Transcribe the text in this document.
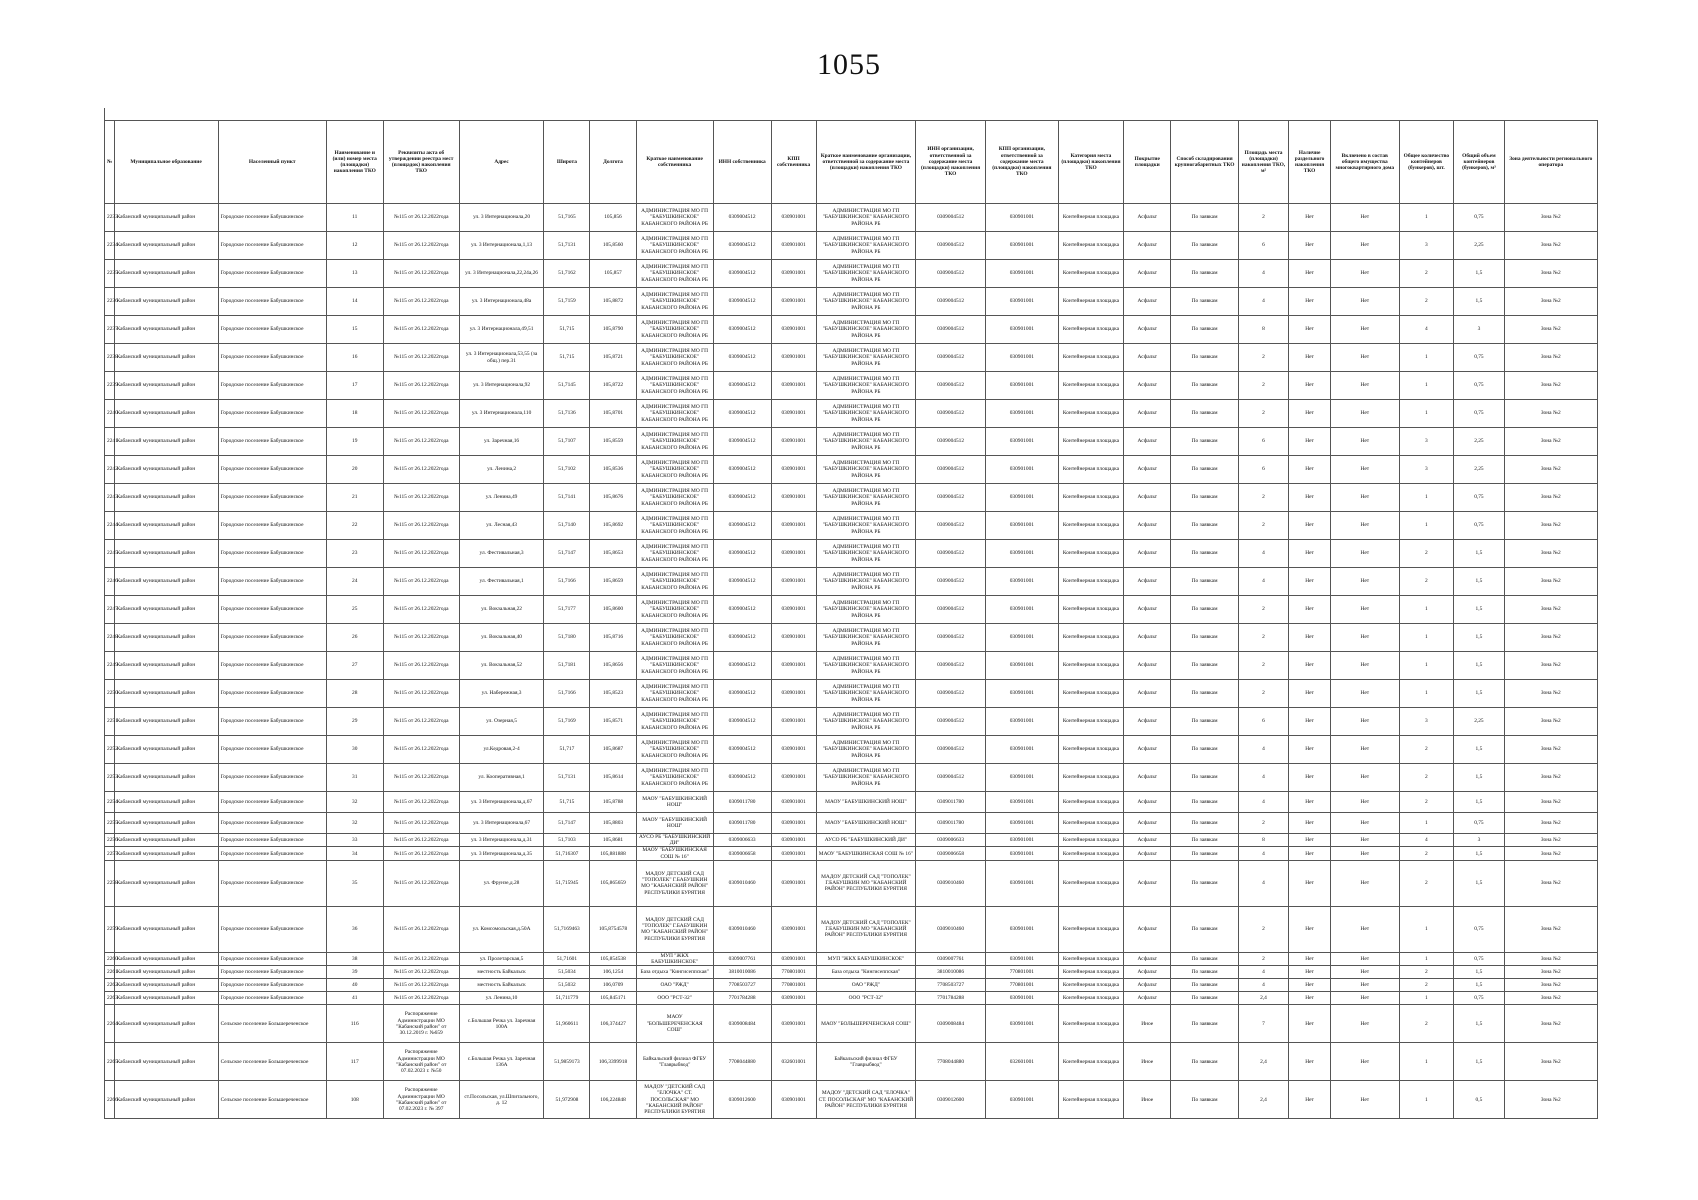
1055
№	Муниципальное образование	Населенный пункт	Наименование и (или) номер места (площадки) накопления ТКО	Реквизиты акта об утверждении реестра мест (площадок) накопления ТКО	Адрес	Широта	Долгота	Краткое наименование собственника	ИНН собственника	КПП собственника	Краткое наименование организации, ответственной за содержание места (площадки) накопления ТКО	ИНН организации, ответственной за содержание места (площадки) накопления ТКО	КПП организации, ответственной за содержание места (площадки) накопления ТКО	Категория места (площадки) накопления ТКО	Покрытие площадки	Способ складирования крупногабаритных ТКО	Площадь места (площадки) накопления ТКО, м²	Наличие раздельного накопления ТКО	Включено в состав общего имущества многоквартирного дома	Общее количество контейнеров (бункеров), шт.	Общий объем контейнеров (бункеров), м³	Зона деятельности регионального оператора
2233	Кабанский муниципальный район	Городское поселение Бабушкинское	11	№115 от 26.12.2022года	ул. 3 Интернационала,20	51,7165	105,856	АДМИНИСТРАЦИЯ МО ГП "БАБУШКИНСКОЕ" КАБАНСКОГО РАЙОНА РБ	0309004512	030901001	АДМИНИСТРАЦИЯ МО ГП "БАБУШКИНСКОЕ" КАБАНСКОГО РАЙОНА РБ	0309004512	030901001	Контейнерная площадка	Асфальт	По заявкам	2	Нет	Нет	1	0,75	Зона №2
2234	Кабанский муниципальный район	Городское поселение Бабушкинское	12	№115 от 26.12.2022года	ул. 3 Интернационала,1,13	51,7131	105,8560	АДМИНИСТРАЦИЯ МО ГП "БАБУШКИНСКОЕ" КАБАНСКОГО РАЙОНА РБ	0309004512	030901001	АДМИНИСТРАЦИЯ МО ГП "БАБУШКИНСКОЕ" КАБАНСКОГО РАЙОНА РБ	0309004512	030901001	Контейнерная площадка	Асфальт	По заявкам	6	Нет	Нет	3	2,25	Зона №2
2235	Кабанский муниципальный район	Городское поселение Бабушкинское	13	№115 от 26.12.2022года	ул. 3 Интернационала,22,24а,26	51,7162	105,857	АДМИНИСТРАЦИЯ МО ГП "БАБУШКИНСКОЕ" КАБАНСКОГО РАЙОНА РБ	0309004512	030901001	АДМИНИСТРАЦИЯ МО ГП "БАБУШКИНСКОЕ" КАБАНСКОГО РАЙОНА РБ	0309004512	030901001	Контейнерная площадка	Асфальт	По заявкам	4	Нет	Нет	2	1,5	Зона №2
2236	Кабанский муниципальный район	Городское поселение Бабушкинское	14	№115 от 26.12.2022года	ул. 3 Интернационала,48а	51,7159	105,8872	АДМИНИСТРАЦИЯ МО ГП "БАБУШКИНСКОЕ" КАБАНСКОГО РАЙОНА РБ	0309004512	030901001	АДМИНИСТРАЦИЯ МО ГП "БАБУШКИНСКОЕ" КАБАНСКОГО РАЙОНА РБ	0309004512	030901001	Контейнерная площадка	Асфальт	По заявкам	4	Нет	Нет	2	1,5	Зона №2
2237	Кабанский муниципальный район	Городское поселение Бабушкинское	15	№115 от 26.12.2022года	ул. 3 Интернационала,49,51	51,715	105,8790	АДМИНИСТРАЦИЯ МО ГП "БАБУШКИНСКОЕ" КАБАНСКОГО РАЙОНА РБ	0309004512	030901001	АДМИНИСТРАЦИЯ МО ГП "БАБУШКИНСКОЕ" КАБАНСКОГО РАЙОНА РБ	0309004512	030901001	Контейнерная площадка	Асфальт	По заявкам	8	Нет	Нет	4	3	Зона №2
2238	Кабанский муниципальный район	Городское поселение Бабушкинское	16	№115 от 26.12.2022года	ул. 3 Интернационала,53,55 (за общ.) пер.31	51,715	105,8721	АДМИНИСТРАЦИЯ МО ГП "БАБУШКИНСКОЕ" КАБАНСКОГО РАЙОНА РБ	0309004512	030901001	АДМИНИСТРАЦИЯ МО ГП "БАБУШКИНСКОЕ" КАБАНСКОГО РАЙОНА РБ	0309004512	030901001	Контейнерная площадка	Асфальт	По заявкам	2	Нет	Нет	1	0,75	Зона №2
2239	Кабанский муниципальный район	Городское поселение Бабушкинское	17	№115 от 26.12.2022года	ул. 3 Интернационала,92	51,7145	105,8722	АДМИНИСТРАЦИЯ МО ГП "БАБУШКИНСКОЕ" КАБАНСКОГО РАЙОНА РБ	0309004512	030901001	АДМИНИСТРАЦИЯ МО ГП "БАБУШКИНСКОЕ" КАБАНСКОГО РАЙОНА РБ	0309004512	030901001	Контейнерная площадка	Асфальт	По заявкам	2	Нет	Нет	1	0,75	Зона №2
2240	Кабанский муниципальный район	Городское поселение Бабушкинское	18	№115 от 26.12.2022года	ул. 3 Интернационала,110	51,7136	105,8701	АДМИНИСТРАЦИЯ МО ГП "БАБУШКИНСКОЕ" КАБАНСКОГО РАЙОНА РБ	0309004512	030901001	АДМИНИСТРАЦИЯ МО ГП "БАБУШКИНСКОЕ" КАБАНСКОГО РАЙОНА РБ	0309004512	030901001	Контейнерная площадка	Асфальт	По заявкам	2	Нет	Нет	1	0,75	Зона №2
2241	Кабанский муниципальный район	Городское поселение Бабушкинское	19	№115 от 26.12.2022года	ул. Заречная,16	51,7107	105,8559	АДМИНИСТРАЦИЯ МО ГП "БАБУШКИНСКОЕ" КАБАНСКОГО РАЙОНА РБ	0309004512	030901001	АДМИНИСТРАЦИЯ МО ГП "БАБУШКИНСКОЕ" КАБАНСКОГО РАЙОНА РБ	0309004512	030901001	Контейнерная площадка	Асфальт	По заявкам	6	Нет	Нет	3	2,25	Зона №2
2242	Кабанский муниципальный район	Городское поселение Бабушкинское	20	№115 от 26.12.2022года	ул. Ленина,2	51,7102	105,8536	АДМИНИСТРАЦИЯ МО ГП "БАБУШКИНСКОЕ" КАБАНСКОГО РАЙОНА РБ	0309004512	030901001	АДМИНИСТРАЦИЯ МО ГП "БАБУШКИНСКОЕ" КАБАНСКОГО РАЙОНА РБ	0309004512	030901001	Контейнерная площадка	Асфальт	По заявкам	6	Нет	Нет	3	2,25	Зона №2
2243	Кабанский муниципальный район	Городское поселение Бабушкинское	21	№115 от 26.12.2022года	ул. Ленина,49	51,7141	105,8676	АДМИНИСТРАЦИЯ МО ГП "БАБУШКИНСКОЕ" КАБАНСКОГО РАЙОНА РБ	0309004512	030901001	АДМИНИСТРАЦИЯ МО ГП "БАБУШКИНСКОЕ" КАБАНСКОГО РАЙОНА РБ	0309004512	030901001	Контейнерная площадка	Асфальт	По заявкам	2	Нет	Нет	1	0,75	Зона №2
2244	Кабанский муниципальный район	Городское поселение Бабушкинское	22	№115 от 26.12.2022года	ул. Лесная,43	51,7140	105,8692	АДМИНИСТРАЦИЯ МО ГП "БАБУШКИНСКОЕ" КАБАНСКОГО РАЙОНА РБ	0309004512	030901001	АДМИНИСТРАЦИЯ МО ГП "БАБУШКИНСКОЕ" КАБАНСКОГО РАЙОНА РБ	0309004512	030901001	Контейнерная площадка	Асфальт	По заявкам	2	Нет	Нет	1	0,75	Зона №2
2245	Кабанский муниципальный район	Городское поселение Бабушкинское	23	№115 от 26.12.2022года	ул. Фестивальная,3	51,7147	105,8653	АДМИНИСТРАЦИЯ МО ГП "БАБУШКИНСКОЕ" КАБАНСКОГО РАЙОНА РБ	0309004512	030901001	АДМИНИСТРАЦИЯ МО ГП "БАБУШКИНСКОЕ" КАБАНСКОГО РАЙОНА РБ	0309004512	030901001	Контейнерная площадка	Асфальт	По заявкам	4	Нет	Нет	2	1,5	Зона №2
2246	Кабанский муниципальный район	Городское поселение Бабушкинское	24	№115 от 26.12.2022года	ул. Фестивальная,1	51,7166	105,8659	АДМИНИСТРАЦИЯ МО ГП "БАБУШКИНСКОЕ" КАБАНСКОГО РАЙОНА РБ	0309004512	030901001	АДМИНИСТРАЦИЯ МО ГП "БАБУШКИНСКОЕ" КАБАНСКОГО РАЙОНА РБ	0309004512	030901001	Контейнерная площадка	Асфальт	По заявкам	4	Нет	Нет	2	1,5	Зона №2
2247	Кабанский муниципальный район	Городское поселение Бабушкинское	25	№115 от 26.12.2022года	ул. Вокзальная,22	51,7177	105,8600	АДМИНИСТРАЦИЯ МО ГП "БАБУШКИНСКОЕ" КАБАНСКОГО РАЙОНА РБ	0309004512	030901001	АДМИНИСТРАЦИЯ МО ГП "БАБУШКИНСКОЕ" КАБАНСКОГО РАЙОНА РБ	0309004512	030901001	Контейнерная площадка	Асфальт	По заявкам	2	Нет	Нет	1	1,5	Зона №2
2248	Кабанский муниципальный район	Городское поселение Бабушкинское	26	№115 от 26.12.2022года	ул. Вокзальная,40	51,7180	105,8716	АДМИНИСТРАЦИЯ МО ГП "БАБУШКИНСКОЕ" КАБАНСКОГО РАЙОНА РБ	0309004512	030901001	АДМИНИСТРАЦИЯ МО ГП "БАБУШКИНСКОЕ" КАБАНСКОГО РАЙОНА РБ	0309004512	030901001	Контейнерная площадка	Асфальт	По заявкам	2	Нет	Нет	1	1,5	Зона №2
2249	Кабанский муниципальный район	Городское поселение Бабушкинское	27	№115 от 26.12.2022года	ул. Вокзальная,52	51,7181	105,8656	АДМИНИСТРАЦИЯ МО ГП "БАБУШКИНСКОЕ" КАБАНСКОГО РАЙОНА РБ	0309004512	030901001	АДМИНИСТРАЦИЯ МО ГП "БАБУШКИНСКОЕ" КАБАНСКОГО РАЙОНА РБ	0309004512	030901001	Контейнерная площадка	Асфальт	По заявкам	2	Нет	Нет	1	1,5	Зона №2
2250	Кабанский муниципальный район	Городское поселение Бабушкинское	28	№115 от 26.12.2022года	ул. Набережная,3	51,7166	105,8523	АДМИНИСТРАЦИЯ МО ГП "БАБУШКИНСКОЕ" КАБАНСКОГО РАЙОНА РБ	0309004512	030901001	АДМИНИСТРАЦИЯ МО ГП "БАБУШКИНСКОЕ" КАБАНСКОГО РАЙОНА РБ	0309004512	030901001	Контейнерная площадка	Асфальт	По заявкам	2	Нет	Нет	1	1,5	Зона №2
2251	Кабанский муниципальный район	Городское поселение Бабушкинское	29	№115 от 26.12.2022года	ул. Озерная,5	51,7169	105,8571	АДМИНИСТРАЦИЯ МО ГП "БАБУШКИНСКОЕ" КАБАНСКОГО РАЙОНА РБ	0309004512	030901001	АДМИНИСТРАЦИЯ МО ГП "БАБУШКИНСКОЕ" КАБАНСКОГО РАЙОНА РБ	0309004512	030901001	Контейнерная площадка	Асфальт	По заявкам	6	Нет	Нет	3	2,25	Зона №2
2252	Кабанский муниципальный район	Городское поселение Бабушкинское	30	№115 от 26.12.2022года	ул.Кедровая,2-4	51,717	105,8687	АДМИНИСТРАЦИЯ МО ГП "БАБУШКИНСКОЕ" КАБАНСКОГО РАЙОНА РБ	0309004512	030901001	АДМИНИСТРАЦИЯ МО ГП "БАБУШКИНСКОЕ" КАБАНСКОГО РАЙОНА РБ	0309004512	030901001	Контейнерная площадка	Асфальт	По заявкам	4	Нет	Нет	2	1,5	Зона №2
2253	Кабанский муниципальный район	Городское поселение Бабушкинское	31	№115 от 26.12.2022года	ул. Кооперативная,1	51,7131	105,8614	АДМИНИСТРАЦИЯ МО ГП "БАБУШКИНСКОЕ" КАБАНСКОГО РАЙОНА РБ	0309004512	030901001	АДМИНИСТРАЦИЯ МО ГП "БАБУШКИНСКОЕ" КАБАНСКОГО РАЙОНА РБ	0309004512	030901001	Контейнерная площадка	Асфальт	По заявкам	4	Нет	Нет	2	1,5	Зона №2
2254	Кабанский муниципальный район	Городское поселение Бабушкинское	32	№115 от 26.12.2022года	ул. 3 Интернационала,д.67	51,715	105,8788	МАОУ "БАБУШКИНСКИЙ НОШ"	0309011780	030901001	МАОУ "БАБУШКИНСКИЙ НОШ"	0309011780	030901001	Контейнерная площадка	Асфальт	По заявкам	4	Нет	Нет	2	1,5	Зона №2
2255	Кабанский муниципальный район	Городское поселение Бабушкинское	32	№115 от 26.12.2022года	ул. 3 Интернационала,67	51,7147	105,8803	МАОУ "БАБУШКИНСКИЙ НОШ"	0309011780	030901001	МАОУ "БАБУШКИНСКИЙ НОШ"	0309011780	030901001	Контейнерная площадка	Асфальт	По заявкам	2	Нет	Нет	1	0,75	Зона №2
2256	Кабанский муниципальный район	Городское поселение Бабушкинское	33	№115 от 26.12.2022года	ул. 3 Интернационала,д.31	51,7103	105,8681	АУСО РБ "БАБУШКИНСКИЙ ДИ"	0309006633	030901001	АУСО РБ "БАБУШКИНСКИЙ ДИ"	0309006633	030901001	Контейнерная площадка	Асфальт	По заявкам	8	Нет	Нет	4	3	Зона №2
2257	Кабанский муниципальный район	Городское поселение Бабушкинское	34	№115 от 26.12.2022года	ул. 3 Интернационала,д.35	51,716307	105,881888	МАОУ "БАБУШКИНСКАЯ СОШ № 16"	0309006658	030901001	МАОУ "БАБУШКИНСКАЯ СОШ № 16"	0309006658	030901001	Контейнерная площадка	Асфальт	По заявкам	4	Нет	Нет	2	1,5	Зона №2
2258	Кабанский муниципальный район	Городское поселение Бабушкинское	35	№115 от 26.12.2022года	ул. Фрунзе,д.28	51,715945	105,865659	МАДОУ ДЕТСКИЙ САД "ТОПОЛЕК" Г.БАБУШКИН МО "КАБАНСКИЙ РАЙОН" РЕСПУБЛИКИ БУРЯТИЯ	0309010460	030901001	МАДОУ ДЕТСКИЙ САД "ТОПОЛЕК" Г.БАБУШКИН МО "КАБАНСКИЙ РАЙОН" РЕСПУБЛИКИ БУРЯТИЯ	0309010460	030901001	Контейнерная площадка	Асфальт	По заявкам	4	Нет	Нет	2	1,5	Зона №2
2259	Кабанский муниципальный район	Городское поселение Бабушкинское	36	№115 от 26.12.2022года	ул. Комсомольская,д.50А	51,7169463	105,8754578	МАДОУ ДЕТСКИЙ САД "ТОПОЛЕК" Г.БАБУШКИН МО "КАБАНСКИЙ РАЙОН" РЕСПУБЛИКИ БУРЯТИЯ	0309010460	030901001	МАДОУ ДЕТСКИЙ САД "ТОПОЛЕК" Г.БАБУШКИН МО "КАБАНСКИЙ РАЙОН" РЕСПУБЛИКИ БУРЯТИЯ	0309010460	030901001	Контейнерная площадка	Асфальт	По заявкам	2	Нет	Нет	1	0,75	Зона №2
2260	Кабанский муниципальный район	Городское поселение Бабушкинское	38	№115 от 26.12.2022года	ул. Пролетарская,5	51,71601	105,854538	МУП "ЖКХ БАБУШКИНСКОЕ"	0309007761	030901001	МУП "ЖКХ БАБУШКИНСКОЕ"	0309007761	030901001	Контейнерная площадка	Асфальт	По заявкам	2	Нет	Нет	1	0,75	Зона №2
2261	Кабанский муниципальный район	Городское поселение Бабушкинское	39	№115 от 26.12.2022года	местность Байкальск	51,5034	106,1254	База отдыха "Кингисеппская"	3810010086	770801001	База отдыха "Кингисеппская"	3810010086	770801001	Контейнерная площадка	Асфальт	По заявкам	4	Нет	Нет	2	1,5	Зона №2
2262	Кабанский муниципальный район	Городское поселение Бабушкинское	40	№115 от 26.12.2022года	местность Байкальск	51,5032	106,0709	ОАО "РЖД"	7708503727	770801001	ОАО "РЖД"	7708503727	770801001	Контейнерная площадка	Асфальт	По заявкам	4	Нет	Нет	2	1,5	Зона №2
2263	Кабанский муниципальный район	Городское поселение Бабушкинское	41	№115 от 26.12.2022года	ул. Ленина,10	51,711779	105,845171	ООО "РСТ-32"	7701784288	030901001	ООО "РСТ-32"	7701784288	030901001	Контейнерная площадка	Асфальт	По заявкам	2,4	Нет	Нет	1	0,75	Зона №2
2264	Кабанский муниципальный район	Сельское поселение Большереченское	116	Распоряжение Администрации МО "Кабанский район" от 30.12.2019 г. №659	с.Большая Речка ул. Заречная 100А	51,960611	106,374427	МАОУ "БОЛЬШЕРЕЧЕНСКАЯ СОШ"	0309008484	030901001	МАОУ "БОЛЬШЕРЕЧЕНСКАЯ СОШ"	0309008484	030901001	Контейнерная площадка	Иное	По заявкам	7	Нет	Нет	2	1,5	Зона №2
2265	Кабанский муниципальный район	Сельское поселение Большереченское	117	Распоряжение Администрации МО "Кабанский район" от 07.02.2023 г. №50	с.Большая Речка ул. Заречная 136А	51,9859173	106,3399918	Байкальский филиал ФГБУ "Главрыбвод"	7708044880	032601001	Байкальский филиал ФГБУ "Главрыбвод"	7708044880	032601001	Контейнерная площадка	Иное	По заявкам	2,4	Нет	Нет	1	1,5	Зона №2
2266	Кабанский муниципальный район	Сельское поселение Большереченское	108	Распоряжение Администрации МО "Кабанский район" от 07.02.2023 г. № 397	ст.Посольская, ул.Шпитального, д. 12	51,972908	106,224848	МАДОУ "ДЕТСКИЙ САД "ЕЛОЧКА" СТ. ПОСОЛЬСКАЯ" МО "КАБАНСКИЙ РАЙОН" РЕСПУБЛИКИ БУРЯТИЯ	0309012600	030901001	МАДОУ "ДЕТСКИЙ САД "ЕЛОЧКА" СТ. ПОСОЛЬСКАЯ" МО "КАБАНСКИЙ РАЙОН" РЕСПУБЛИКИ БУРЯТИЯ	0309012600	030901001	Контейнерная площадка	Иное	По заявкам	2,4	Нет	Нет	1	0,5	Зона №2
